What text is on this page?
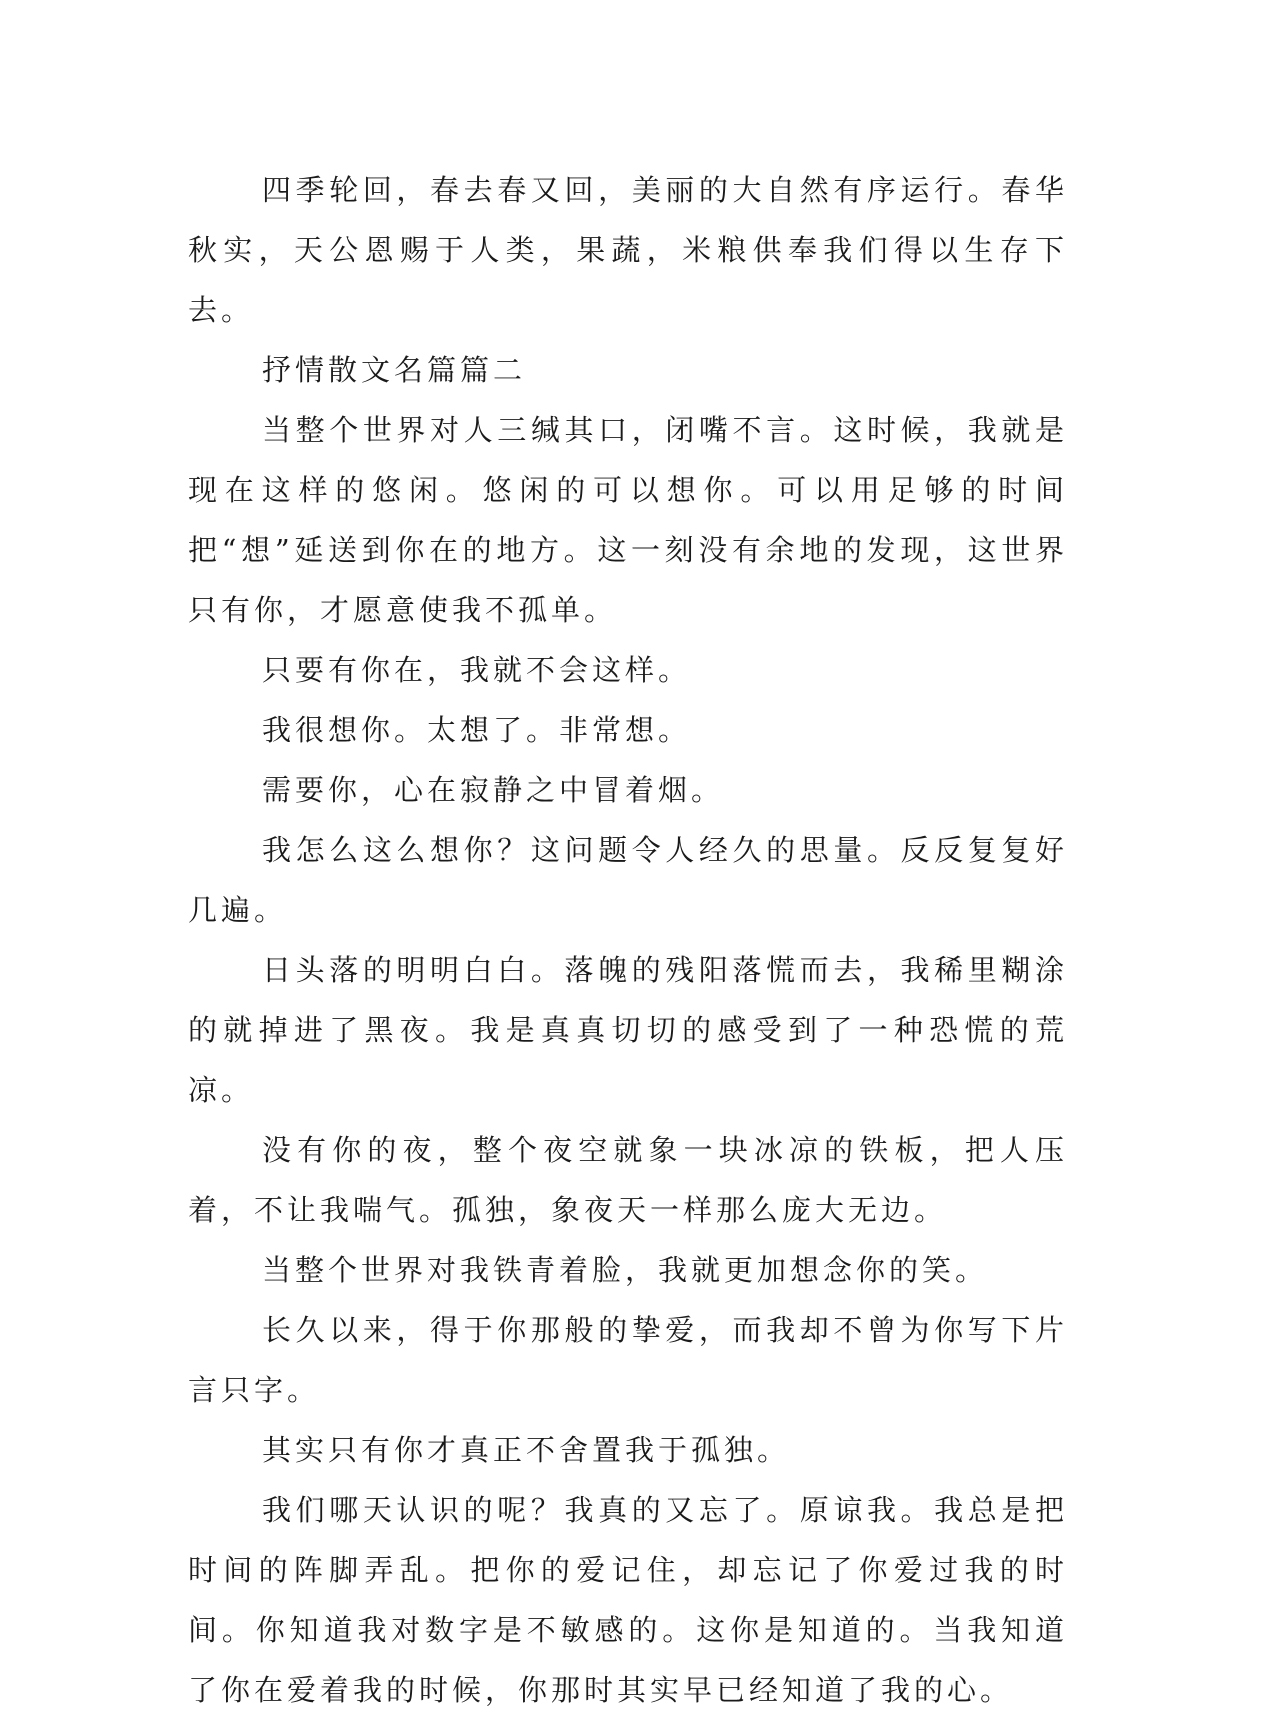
四季轮回，春去春又回，美丽的大自然有序运行。春华秋实，天公恩赐于人类，果蔬，米粮供奉我们得以生存下去。

抒情散文名篇篇二

当整个世界对人三缄其口，闭嘴不言。这时候，我就是现在这样的悠闲。悠闲的可以想你。可以用足够的时间把“想”延送到你在的地方。这一刻没有余地的发现，这世界只有你，才愿意使我不孤单。

只要有你在，我就不会这样。

我很想你。太想了。非常想。

需要你，心在寂静之中冒着烟。

我怎么这么想你？这问题令人经久的思量。反反复复好几遍。

日头落的明明白白。落魄的残阳落慌而去，我稀里糊涂的就掉进了黑夜。我是真真切切的感受到了一种恐慌的荒凉。

没有你的夜，整个夜空就象一块冰凉的铁板，把人压着，不让我喘气。孤独，象夜天一样那么庞大无边。

当整个世界对我铁青着脸，我就更加想念你的笑。

长久以来，得于你那般的挚爱，而我却不曾为你写下片言只字。

其实只有你才真正不舍置我于孤独。

我们哪天认识的呢？我真的又忘了。原谅我。我总是把时间的阵脚弄乱。把你的爱记住，却忘记了你爱过我的时间。你知道我对数字是不敏感的。这你是知道的。当我知道了你在爱着我的时候，你那时其实早已经知道了我的心。
